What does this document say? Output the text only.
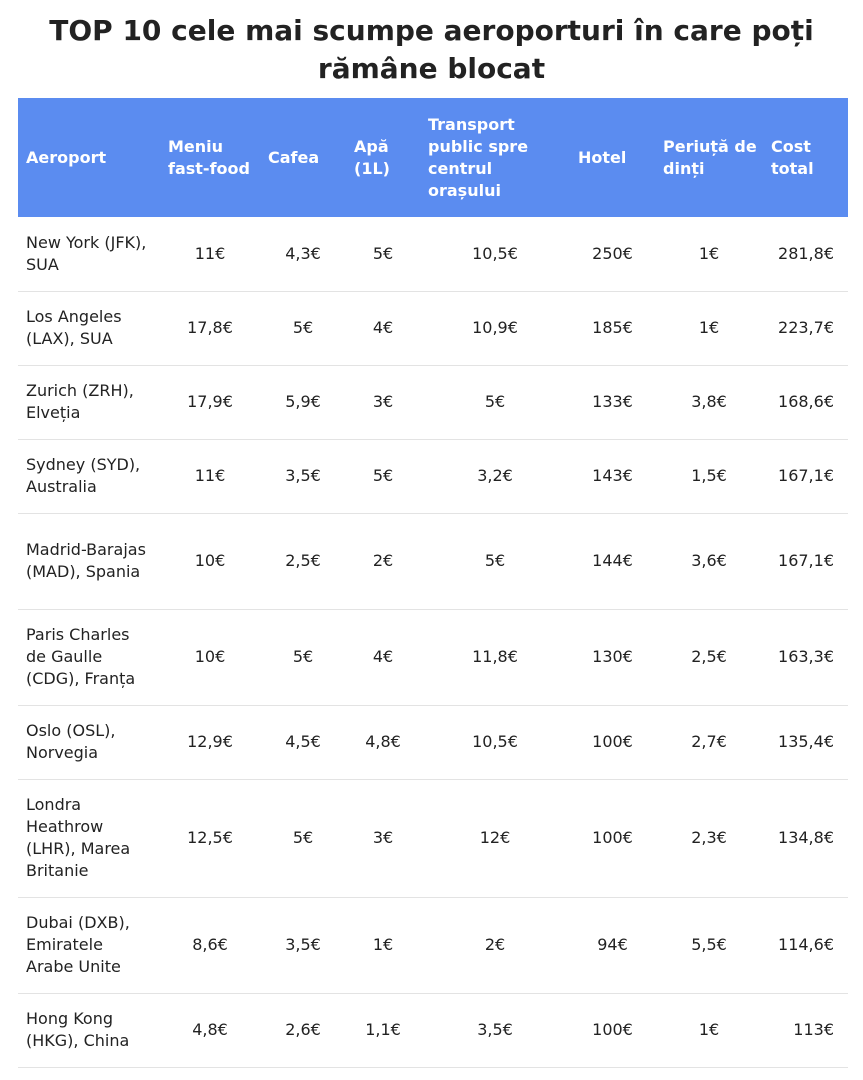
TOP 10 cele mai scumpe aeroporturi în care poți rămâne blocat
Aeroport	Meniu fast-food	Cafea	Apă (1L)	Transport public spre centrul orașului	Hotel	Periuță de dinți	Cost total
New York (JFK), SUA	11€	4,3€	5€	10,5€	250€	1€	281,8€
Los Angeles (LAX), SUA	17,8€	5€	4€	10,9€	185€	1€	223,7€
Zurich (ZRH), Elveția	17,9€	5,9€	3€	5€	133€	3,8€	168,6€
Sydney (SYD), Australia	11€	3,5€	5€	3,2€	143€	1,5€	167,1€
Madrid-Barajas (MAD), Spania	10€	2,5€	2€	5€	144€	3,6€	167,1€
Paris Charles de Gaulle (CDG), Franța	10€	5€	4€	11,8€	130€	2,5€	163,3€
Oslo (OSL), Norvegia	12,9€	4,5€	4,8€	10,5€	100€	2,7€	135,4€
Londra Heathrow (LHR), Marea Britanie	12,5€	5€	3€	12€	100€	2,3€	134,8€
Dubai (DXB), Emiratele Arabe Unite	8,6€	3,5€	1€	2€	94€	5,5€	114,6€
Hong Kong (HKG), China	4,8€	2,6€	1,1€	3,5€	100€	1€	113€
